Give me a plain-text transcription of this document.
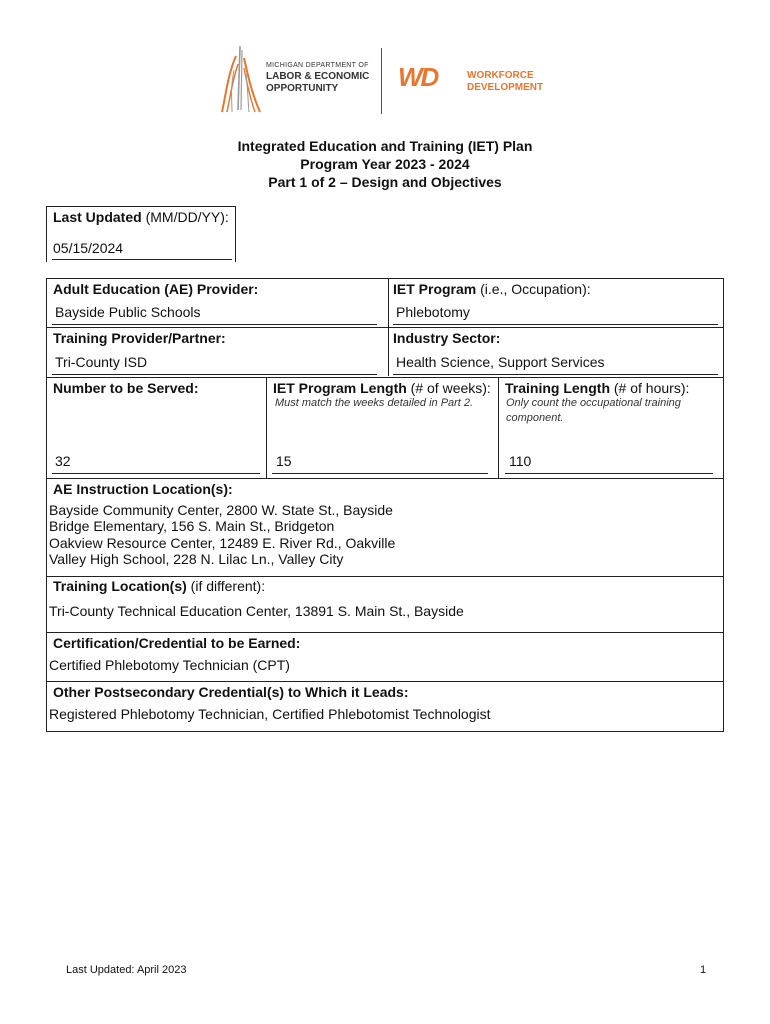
MICHIGAN DEPARTMENT OF
LABOR & ECONOMIC
OPPORTUNITY WD	WORKFORCE
DEVELOPMENT
Integrated Education and Training (IET) Plan
Program Year 2023 - 2024
Part 1 of 2 – Design and Objectives
Last Updated (MM/DD/YY):
05/15/2024
Adult Education (AE) Provider:
Bayside Public Schools
IET Program (i.e., Occupation):
Phlebotomy
Training Provider/Partner:
Tri-County ISD
Industry Sector:
Health Science, Support Services
Number to be Served:
32
IET Program Length (# of weeks):
Must match the weeks detailed in Part 2.
15
Training Length (# of hours):
Only count the occupational training
component.
110
AE Instruction Location(s):
Bayside Community Center, 2800 W. State St., Bayside
Bridge Elementary, 156 S. Main St., Bridgeton
Oakview Resource Center, 12489 E. River Rd., Oakville
Valley High School, 228 N. Lilac Ln., Valley City
Training Location(s) (if different):
Tri-County Technical Education Center, 13891 S. Main St., Bayside
Certification/Credential to be Earned:
Certified Phlebotomy Technician (CPT)
Other Postsecondary Credential(s) to Which it Leads:
Registered Phlebotomy Technician, Certified Phlebotomist Technologist
Last Updated: April 2023	1
